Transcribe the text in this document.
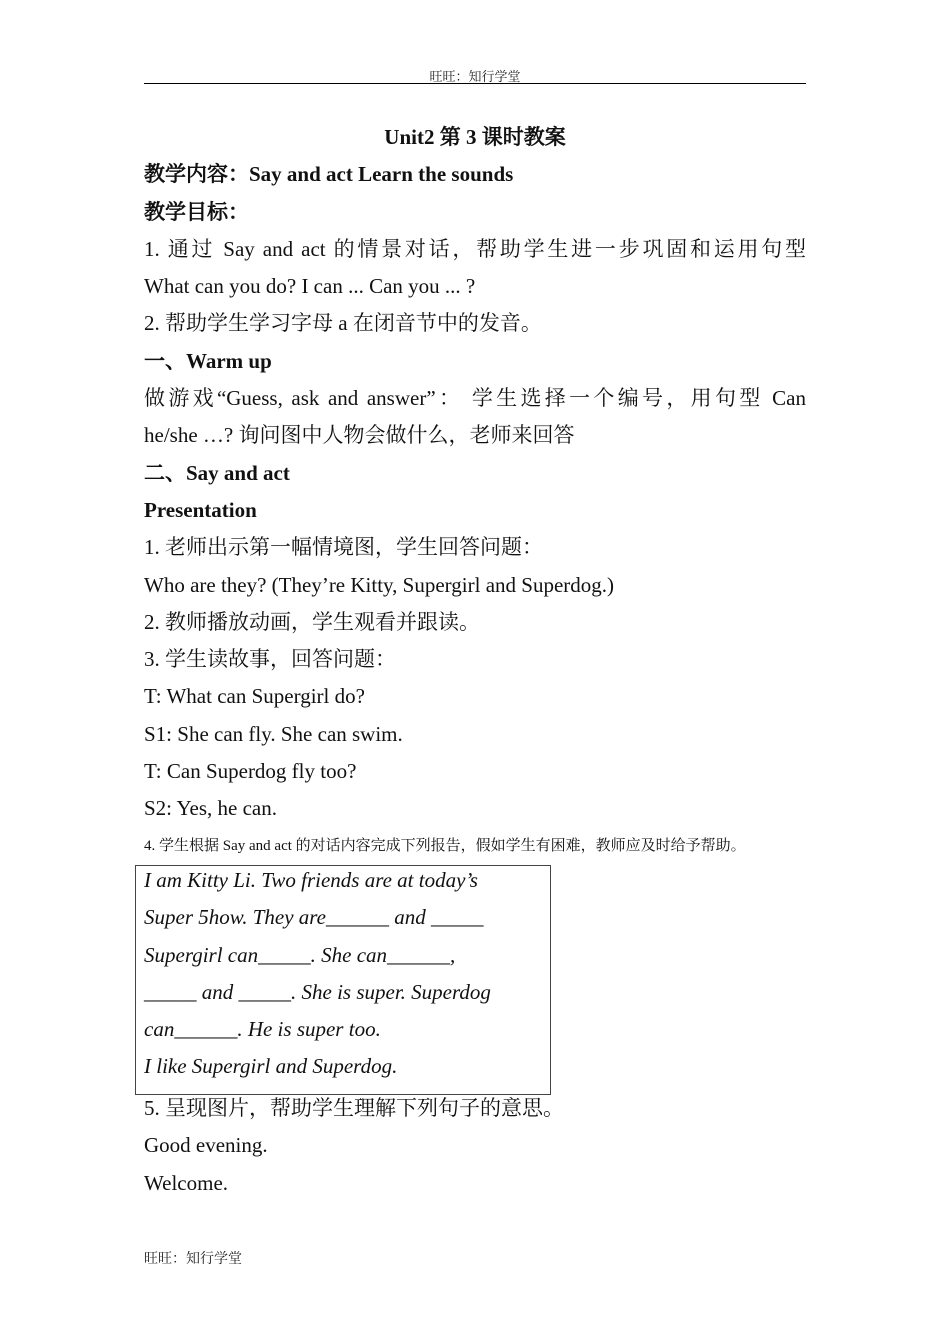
旺旺：知行学堂
Unit2 第 3 课时教案
教学内容：Say and act Learn the sounds
教学目标：
1. 通过 Say and act 的情景对话，帮助学生进一步巩固和运用句型
What can you do? I can ... Can you ... ?
2. 帮助学生学习字母 a 在闭音节中的发音。
一、Warm up
做游戏“Guess, ask and answer”： 学生选择一个编号，用句型 Can
he/she …? 询问图中人物会做什么，老师来回答
二、Say and act
Presentation
1. 老师出示第一幅情境图，学生回答问题：
Who are they? (They’re Kitty, Supergirl and Superdog.)
2. 教师播放动画，学生观看并跟读。
3. 学生读故事，回答问题：
T: What can Supergirl do?
S1: She can fly. She can swim.
T: Can Superdog fly too?
S2: Yes, he can.
4. 学生根据 Say and act 的对话内容完成下列报告，假如学生有困难，教师应及时给予帮助。
I am Kitty Li. Two friends are at today’s
Super 5how. They are______ and _____
Supergirl can_____. She can______,
_____ and _____. She is super. Superdog
can______. He is super too.
I like Supergirl and Superdog.
5. 呈现图片，帮助学生理解下列句子的意思。
Good evening.
Welcome.
旺旺：知行学堂
